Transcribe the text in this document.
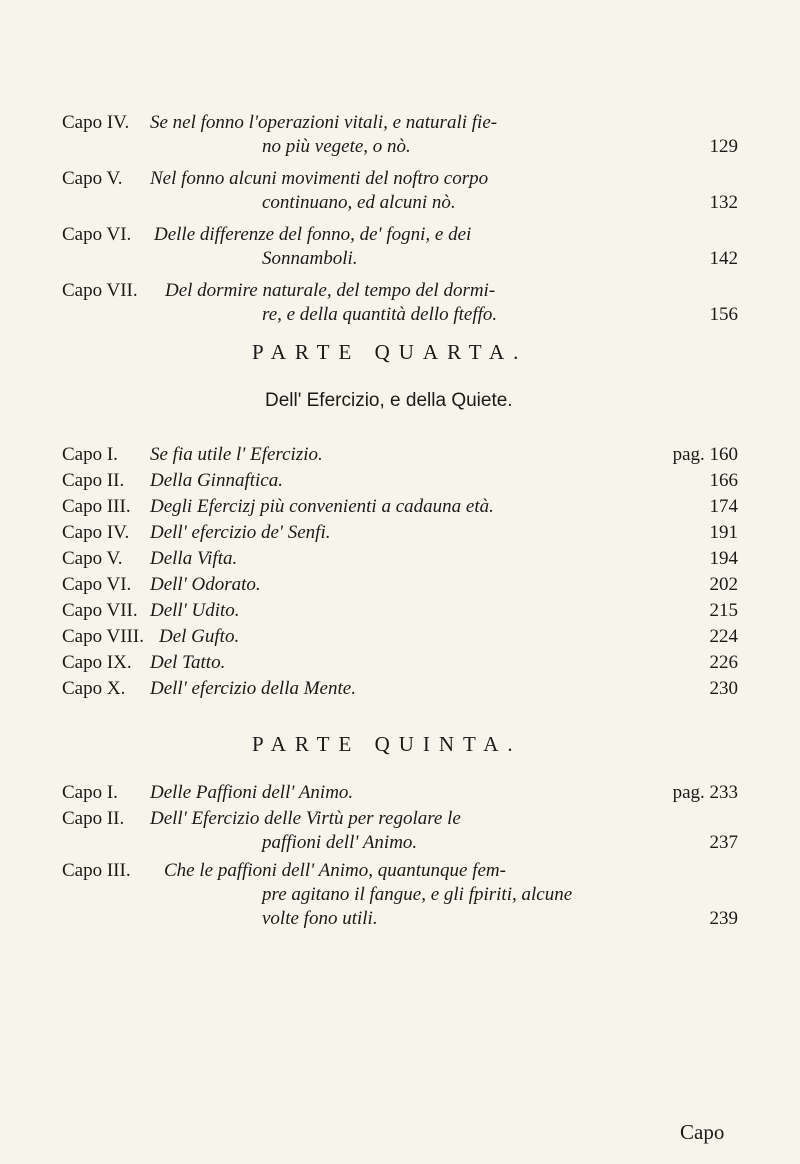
Capo IV. Se nel fonno l'operazioni vitali, e naturali fie-
no più vegete, o nò.	129
Capo V. Nel fonno alcuni movimenti del noftro corpo
continuano, ed alcuni nò.	132
Capo VI. Delle differenze del fonno, de' fogni, e dei
Sonnamboli.	142
Capo VII. Del dormire naturale, del tempo del dormi-
re, e della quantità dello fteffo.	156
PARTE QUARTA.
Dell' Efercizio, e della Quiete.
Capo I. Se fia utile l' Efercizio.	pag. 160
Capo II. Della Ginnaftica.	166
Capo III. Degli Efercizj più convenienti a cadauna età.	174
Capo IV. Dell' efercizio de' Senfi.	191
Capo V. Della Vifta.	194
Capo VI. Dell' Odorato.	202
Capo VII. Dell' Udito.	215
Capo VIII. Del Gufto.	224
Capo IX. Del Tatto.	226
Capo X. Dell' efercizio della Mente.	230
PARTE QUINTA.
Capo I. Delle Paffioni dell' Animo.	pag. 233
Capo II. Dell' Efercizio delle Virtù per regolare le
paffioni dell' Animo.	237
Capo III. Che le paffioni dell' Animo, quantunque fem-
pre agitano il fangue, e gli fpiriti, alcune
volte fono utili.	239
Capo
